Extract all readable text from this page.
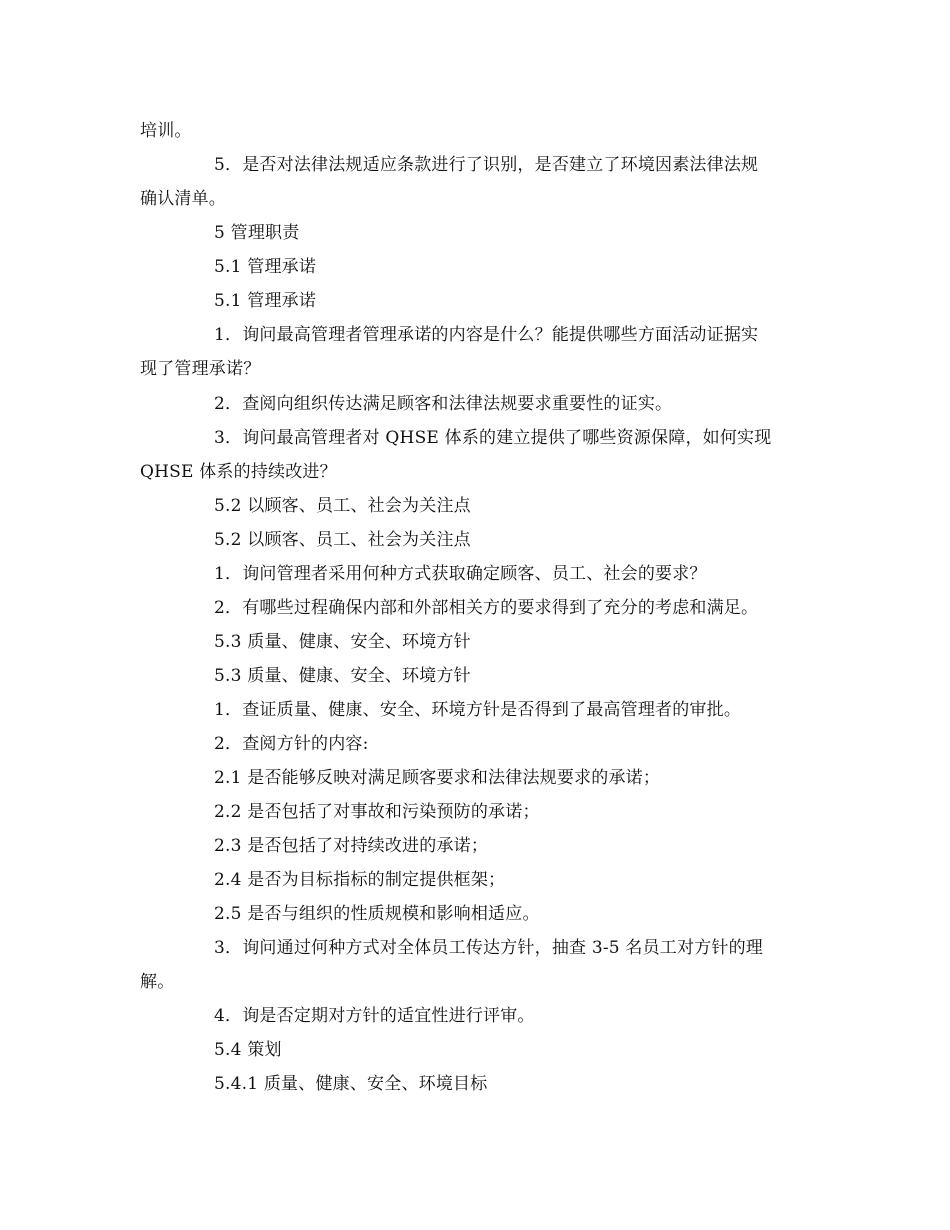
培训。
5．是否对法律法规适应条款进行了识别，是否建立了环境因素法律法规
确认清单。
5 管理职责
5.1 管理承诺
5.1 管理承诺
1．询问最高管理者管理承诺的内容是什么？能提供哪些方面活动证据实
现了管理承诺？
2．查阅向组织传达满足顾客和法律法规要求重要性的证实。
3．询问最高管理者对 QHSE 体系的建立提供了哪些资源保障，如何实现
QHSE 体系的持续改进？
5.2 以顾客、员工、社会为关注点
5.2 以顾客、员工、社会为关注点
1．询问管理者采用何种方式获取确定顾客、员工、社会的要求？
2．有哪些过程确保内部和外部相关方的要求得到了充分的考虑和满足。
5.3 质量、健康、安全、环境方针
5.3 质量、健康、安全、环境方针
1．查证质量、健康、安全、环境方针是否得到了最高管理者的审批。
2．查阅方针的内容:
2.1 是否能够反映对满足顾客要求和法律法规要求的承诺；
2.2 是否包括了对事故和污染预防的承诺；
2.3 是否包括了对持续改进的承诺；
2.4 是否为目标指标的制定提供框架；
2.5 是否与组织的性质规模和影响相适应。
3．询问通过何种方式对全体员工传达方针，抽查 3-5 名员工对方针的理
解。
4．询是否定期对方针的适宜性进行评审。
5.4 策划
5.4.1 质量、健康、安全、环境目标
